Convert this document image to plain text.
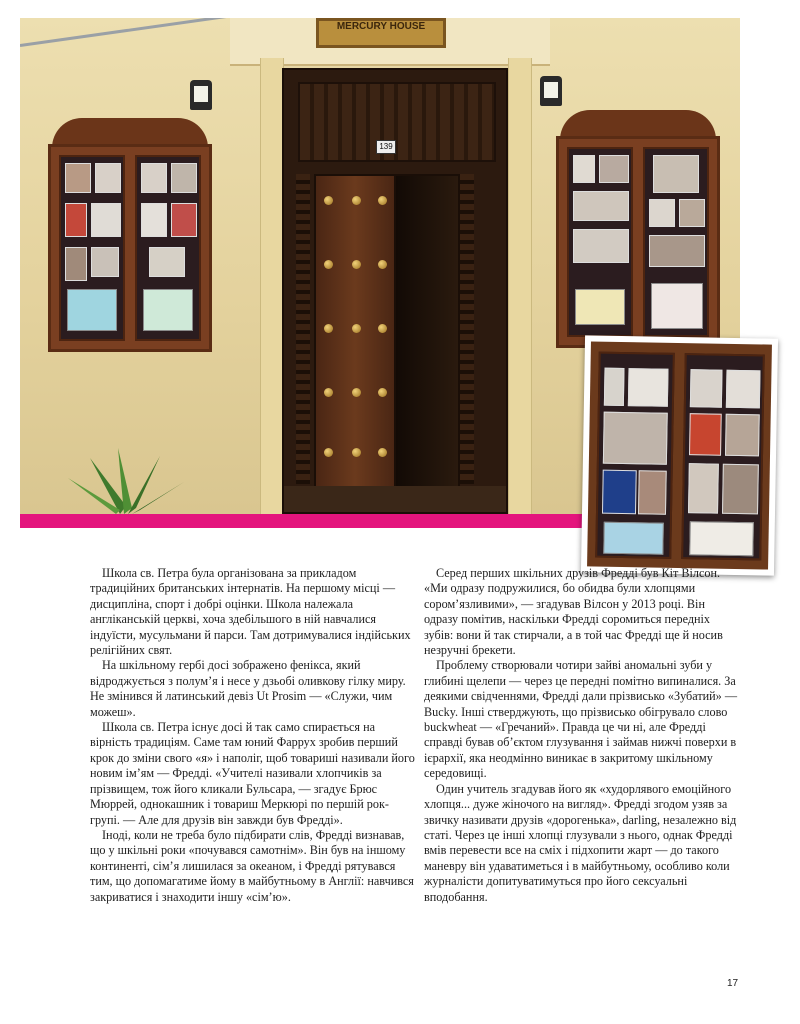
MERCURY HOUSE
139

Школа св. Петра була організована за прикладом традиційних британських інтернатів. На першому місці — дисципліна, спорт і добрі оцінки. Школа належала англіканській церкві, хоча здебільшого в ній навчалися індуїсти, мусульмани й парси. Там дотримувалися індійських релігійних свят.

На шкільному гербі досі зображено фенікса, який відроджується з полум’я і несе у дзьобі оливкову гілку миру. Не змінився й латинський девіз Ut Prosim — «Служи, чим можеш».

Школа св. Петра існує досі й так само спирається на вірність традиціям. Саме там юний Фаррух зробив перший крок до зміни свого «я» і наполіг, щоб товариші називали його новим ім’ям — Фредді. «Учителі називали хлопчиків за прізвищем, тож його кликали Бульсара, — згадує Брюс Мюррей, однокашник і товариш Меркюрі по першій рок-групі. — Але для друзів він завжди був Фредді».

Іноді, коли не треба було підбирати слів, Фредді визнавав, що у шкільні роки «почувався самотнім». Він був на іншому континенті, сім’я лишилася за океаном, і Фредді рятувався тим, що допомагатиме йому в майбутньому в Англії: навчився закриватися і знаходити іншу «сім’ю».

Серед перших шкільних друзів Фредді був Кіт Вілсон. «Ми одразу подружилися, бо обидва були хлопцями сором’язливими», — згадував Вілсон у 2013 році. Він одразу помітив, наскільки Фредді соромиться передніх зубів: вони й так стирчали, а в той час Фредді ще й носив незручні брекети.

Проблему створювали чотири зайві аномальні зуби у глибині щелепи — через це передні помітно випиналися. За деякими свідченнями, Фредді дали прізвисько «Зубатий» — Bucky. Інші стверджують, що прізвисько обігрувало слово buckwheat — «Гречаний». Правда це чи ні, але Фредді справді бував об’єктом глузування і займав нижчі поверхи в ієрархії, яка неодмінно виникає в закритому шкільному середовищі.

Один учитель згадував його як «худорлявого емоційного хлопця... дуже жіночого на вигляд». Фредді згодом узяв за звичку називати друзів «дорогенька», darling, незалежно від статі. Через це інші хлопці глузували з нього, однак Фредді вмів перевести все на сміх і підхопити жарт — до такого маневру він удаватиметься і в майбутньому, особливо коли журналісти допитуватимуться про його сексуальні вподобання.

17
